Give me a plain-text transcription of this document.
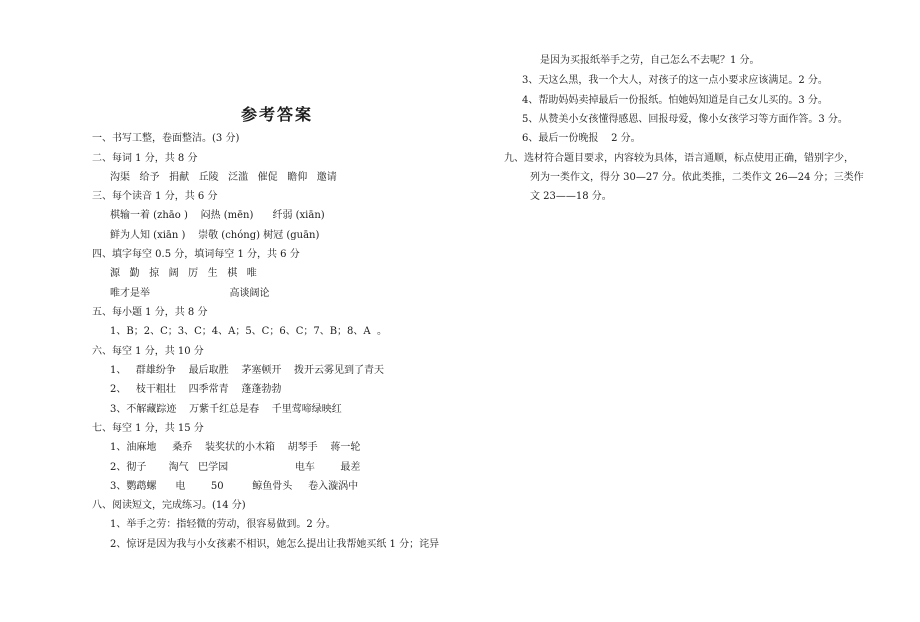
参考答案
一、书写工整，卷面整洁。(3 分)
二、每词 1 分，共 8 分
沟渠   给予   捐献   丘陵   泛滥   催促   瞻仰   邀请
三、每个读音 1 分，共 6 分
棋输一着 (zhāo )    闷热 (mēn)      纤弱 (xiān)
鲜为人知 (xiān )    崇敬 (chóng) 树冠 (guān)
四、填字每空 0.5 分，填词每空 1 分，共 6 分
源   勤   掠   阔   厉   生   棋   唯
唯才是举                         高谈阔论
五、每小题 1 分，共 8 分
1、B；2、C；3、C；4、A；5、C；6、C；7、B；8、A  。
六、每空 1 分，共 10 分
1、   群雄纷争    最后取胜    茅塞顿开    拨开云雾见到了青天
2、   枝干粗壮    四季常青    蓬蓬勃勃
3、不解藏踪迹    万紫千红总是春    千里莺啼绿映红
七、每空 1 分，共 15 分
1、油麻地     桑乔    装奖状的小木箱    胡琴手    蒋一轮
2、彻子       淘气   巴学园                     电车        最差
3、鹦鹉螺      电        50         鲸鱼骨头     卷入漩涡中
八、阅读短文，完成练习。(14 分)
1、举手之劳：指轻微的劳动，很容易做到。2 分。
2、惊讶是因为我与小女孩素不相识，她怎么提出让我帮她买纸 1 分；诧异
是因为买报纸举手之劳，自己怎么不去呢？1 分。
3、天这么黑，我一个大人，对孩子的这一点小要求应该满足。2 分。
4、帮助妈妈卖掉最后一份报纸。怕她妈知道是自己女儿买的。3 分。
5、从赞美小女孩懂得感恩、回报母爱，像小女孩学习等方面作答。3 分。
6、最后一份晚报    2 分。
九、选材符合题目要求，内容较为具体，语言通顺，标点使用正确，错别字少，
列为一类作文，得分 30—27 分。依此类推，二类作文 26—24 分；三类作
文 23——18 分。
